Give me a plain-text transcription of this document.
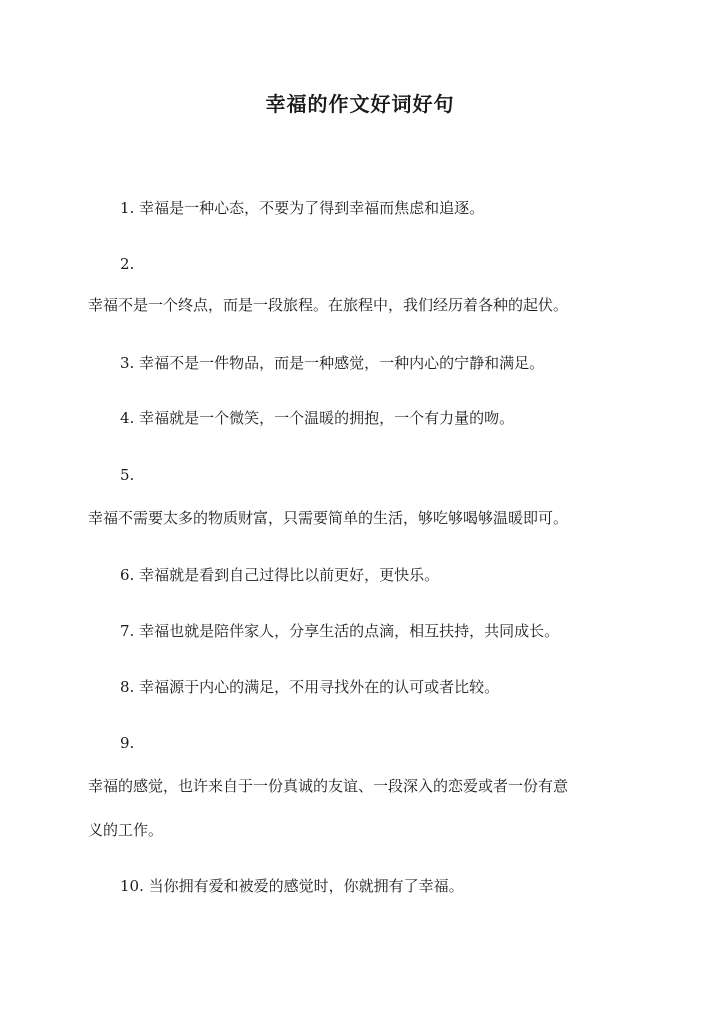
幸福的作文好词好句

1. 幸福是一种心态，不要为了得到幸福而焦虑和追逐。

2.

幸福不是一个终点，而是一段旅程。在旅程中，我们经历着各种的起伏。

3. 幸福不是一件物品，而是一种感觉，一种内心的宁静和满足。

4. 幸福就是一个微笑，一个温暖的拥抱，一个有力量的吻。

5.

幸福不需要太多的物质财富，只需要简单的生活，够吃够喝够温暖即可。

6. 幸福就是看到自己过得比以前更好，更快乐。

7. 幸福也就是陪伴家人，分享生活的点滴，相互扶持，共同成长。

8. 幸福源于内心的满足，不用寻找外在的认可或者比较。

9.

幸福的感觉，也许来自于一份真诚的友谊、一段深入的恋爱或者一份有意

义的工作。

10. 当你拥有爱和被爱的感觉时，你就拥有了幸福。
